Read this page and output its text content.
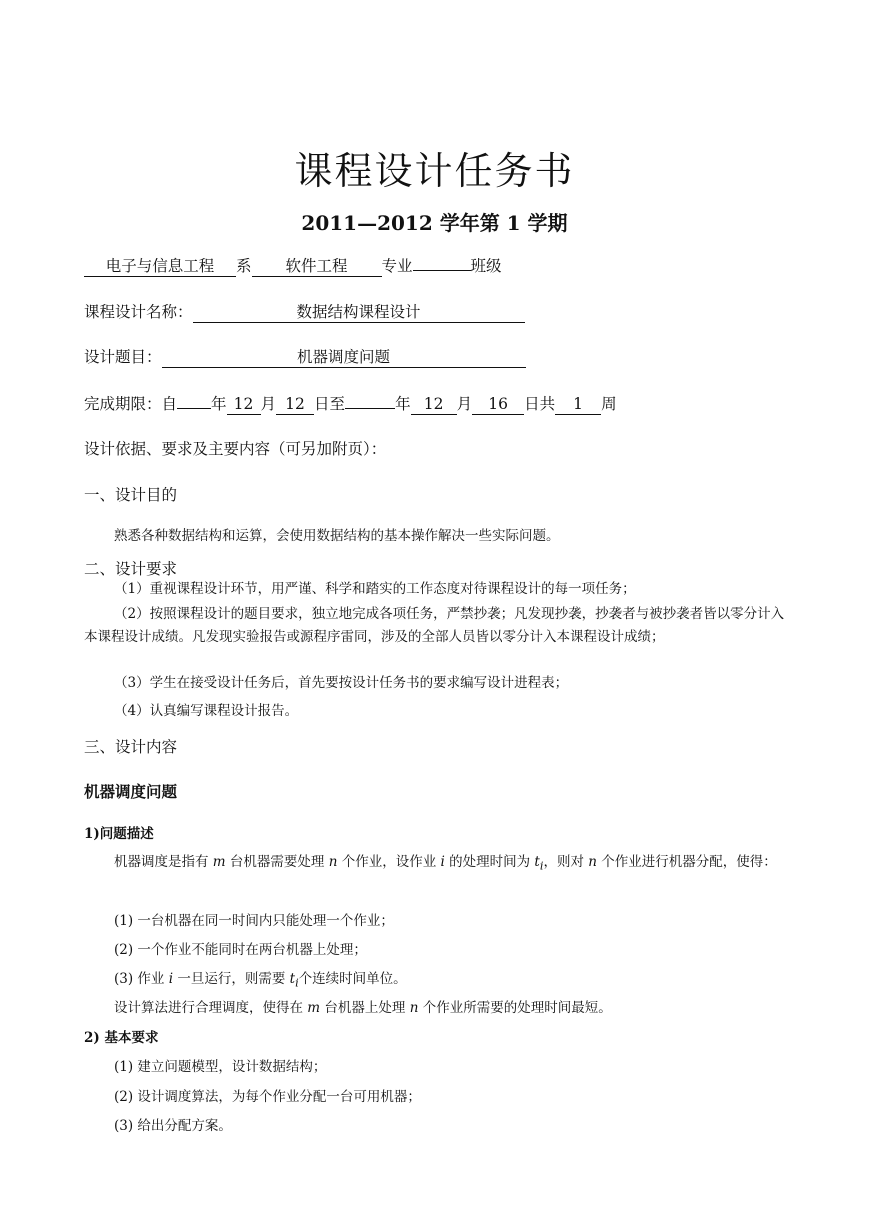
课程设计任务书
2011—2012 学年第 1 学期
电子与信息工程 系 软件工程 专业	班级
课程设计名称：	数据结构课程设计
设计题目：	机器调度问题
完成期限：自 年 12 月 12 日至	年 12 月 16 日共 1 周
设计依据、要求及主要内容（可另加附页）：
一、设计目的
熟悉各种数据结构和运算，会使用数据结构的基本操作解决一些实际问题。
二、设计要求
（1）重视课程设计环节，用严谨、科学和踏实的工作态度对待课程设计的每一项任务；
（2）按照课程设计的题目要求，独立地完成各项任务，严禁抄袭；凡发现抄袭，抄袭者与被抄袭者皆以零分计入本课程设计成绩。凡发现实验报告或源程序雷同，涉及的全部人员皆以零分计入本课程设计成绩；
（3）学生在接受设计任务后，首先要按设计任务书的要求编写设计进程表；
（4）认真编写课程设计报告。
三、设计内容
机器调度问题
1)问题描述
机器调度是指有 m 台机器需要处理 n 个作业，设作业 i 的处理时间为 $t_i$，则对 n 个作业进行机器分配，使得：
(1) 一台机器在同一时间内只能处理一个作业；
(2) 一个作业不能同时在两台机器上处理；
(3) 作业 i 一旦运行，则需要 $t_i$个连续时间单位。
设计算法进行合理调度，使得在 m 台机器上处理 n 个作业所需要的处理时间最短。
2) 基本要求
(1) 建立问题模型，设计数据结构；
(2) 设计调度算法，为每个作业分配一台可用机器；
(3) 给出分配方案。
